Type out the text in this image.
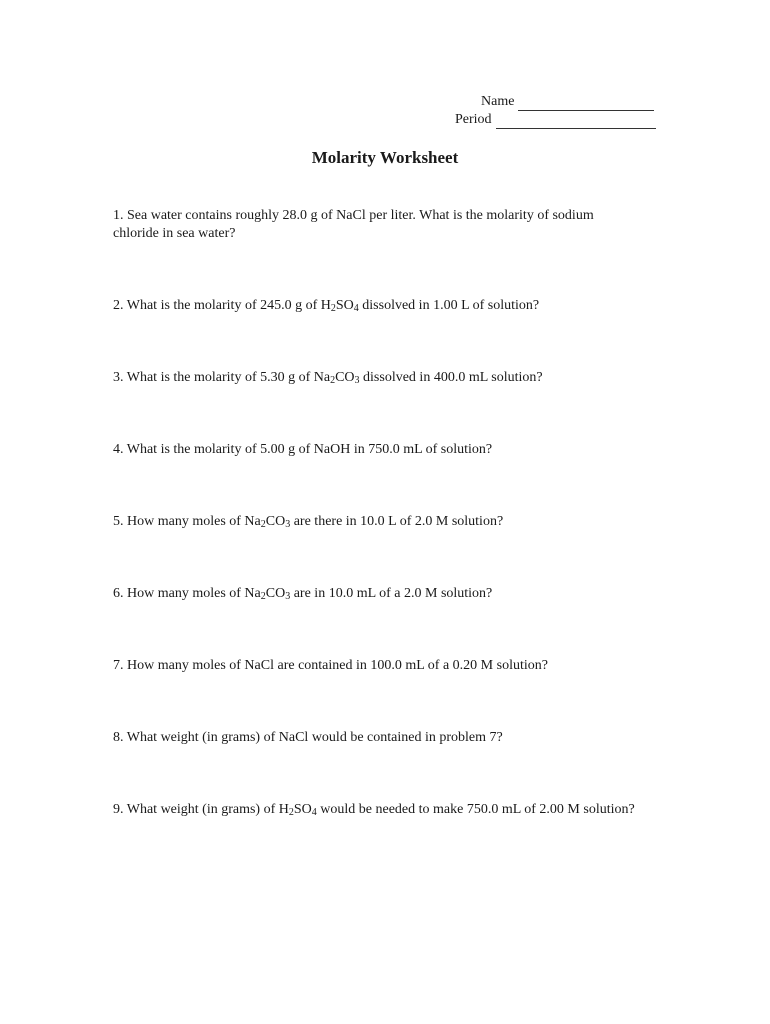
Name
Period
Molarity Worksheet
1. Sea water contains roughly 28.0 g of NaCl per liter. What is the molarity of sodium chloride in sea water?
2. What is the molarity of 245.0 g of $H_2SO_4$ dissolved in 1.00 L of solution?
3. What is the molarity of 5.30 g of $Na_2CO_3$ dissolved in 400.0 mL solution?
4. What is the molarity of 5.00 g of NaOH in 750.0 mL of solution?
5. How many moles of $Na_2CO_3$ are there in 10.0 L of 2.0 M solution?
6. How many moles of $Na_2CO_3$ are in 10.0 mL of a 2.0 M solution?
7. How many moles of NaCl are contained in 100.0 mL of a 0.20 M solution?
8. What weight (in grams) of NaCl would be contained in problem 7?
9. What weight (in grams) of $H_2SO_4$ would be needed to make 750.0 mL of 2.00 M solution?
